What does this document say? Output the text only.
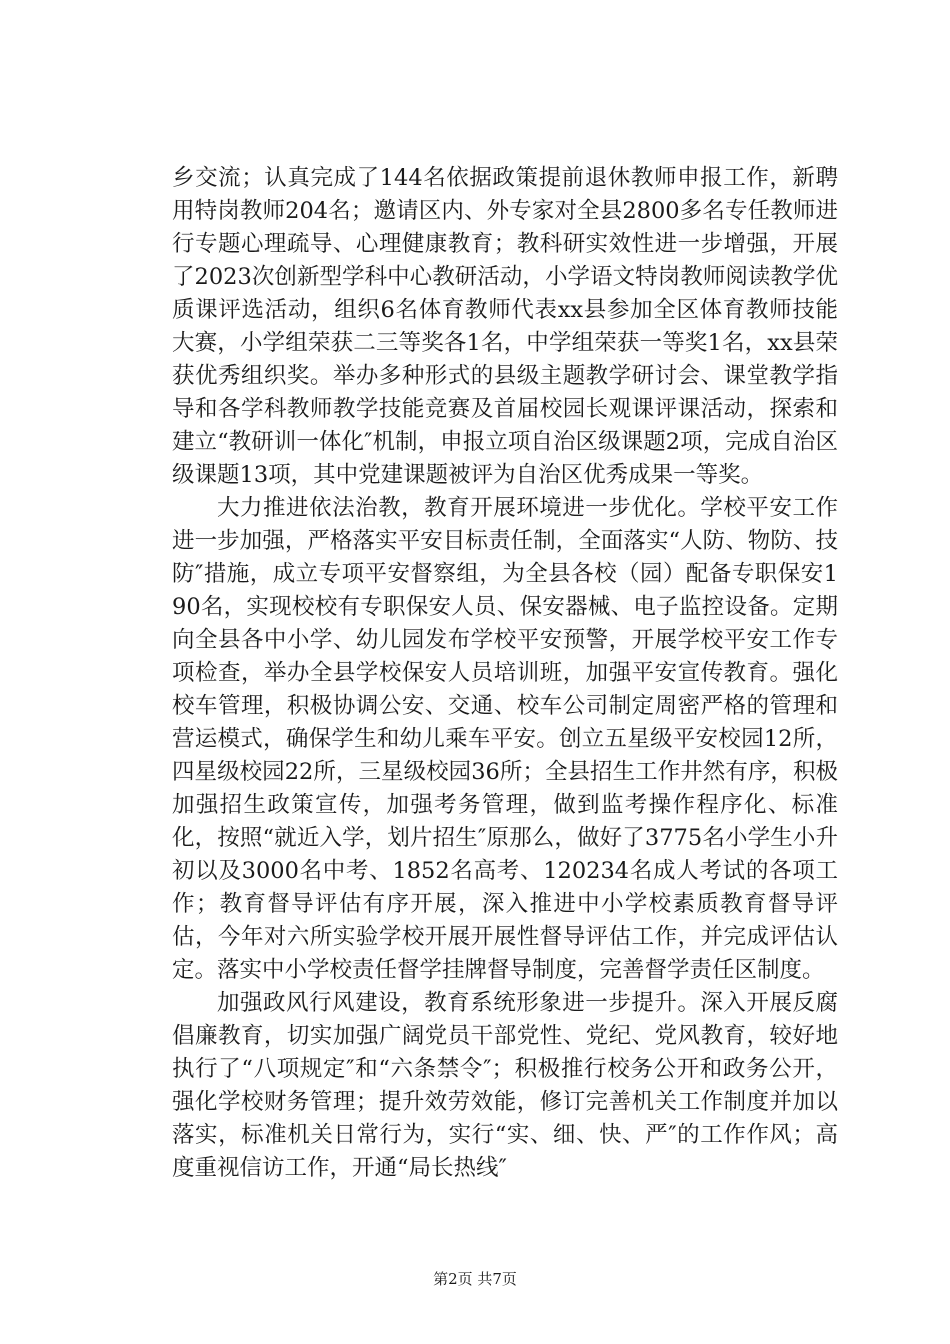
乡交流；认真完成了144名依据政策提前退休教师申报工作，新聘用特岗教师204名；邀请区内、外专家对全县2800多名专任教师进行专题心理疏导、心理健康教育；教科研实效性进一步增强，开展了2023次创新型学科中心教研活动，小学语文特岗教师阅读教学优质课评选活动，组织6名体育教师代表xx县参加全区体育教师技能大赛，小学组荣获二三等奖各1名，中学组荣获一等奖1名，xx县荣获优秀组织奖。举办多种形式的县级主题教学研讨会、课堂教学指导和各学科教师教学技能竞赛及首届校园长观课评课活动，探索和建立“教研训一体化″机制，申报立项自治区级课题2项，完成自治区级课题13项，其中党建课题被评为自治区优秀成果一等奖。

大力推进依法治教，教育开展环境进一步优化。学校平安工作进一步加强，严格落实平安目标责任制，全面落实“人防、物防、技防″措施，成立专项平安督察组，为全县各校（园）配备专职保安190名，实现校校有专职保安人员、保安器械、电子监控设备。定期向全县各中小学、幼儿园发布学校平安预警，开展学校平安工作专项检查，举办全县学校保安人员培训班，加强平安宣传教育。强化校车管理，积极协调公安、交通、校车公司制定周密严格的管理和营运模式，确保学生和幼儿乘车平安。创立五星级平安校园12所，四星级校园22所，三星级校园36所；全县招生工作井然有序，积极加强招生政策宣传，加强考务管理，做到监考操作程序化、标准化，按照“就近入学，划片招生″原那么，做好了3775名小学生小升初以及3000名中考、1852名高考、120234名成人考试的各项工作；教育督导评估有序开展，深入推进中小学校素质教育督导评估，今年对六所实验学校开展开展性督导评估工作，并完成评估认定。落实中小学校责任督学挂牌督导制度，完善督学责任区制度。

加强政风行风建设，教育系统形象进一步提升。深入开展反腐倡廉教育，切实加强广阔党员干部党性、党纪、党风教育，较好地执行了“八项规定″和“六条禁令″；积极推行校务公开和政务公开，强化学校财务管理；提升效劳效能，修订完善机关工作制度并加以落实，标准机关日常行为，实行“实、细、快、严″的工作作风；高度重视信访工作，开通“局长热线″

第2页 共7页
